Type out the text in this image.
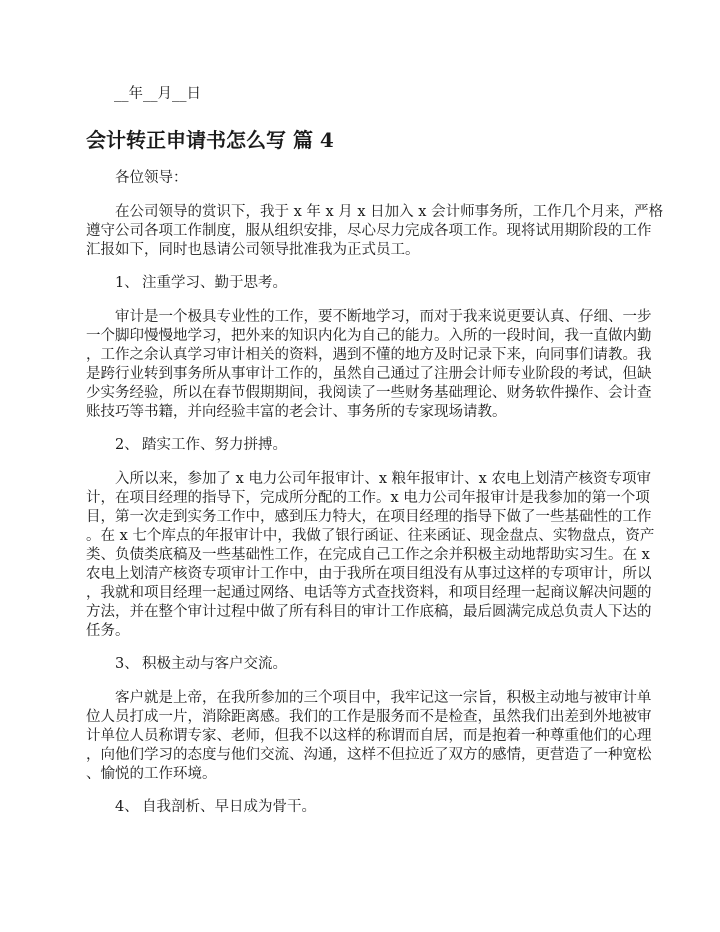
__年__月__日
会计转正申请书怎么写 篇 4
各位领导：
在公司领导的赏识下，我于 x 年 x 月 x 日加入 x 会计师事务所，工作几个月来，严格
遵守公司各项工作制度，服从组织安排，尽心尽力完成各项工作。现将试用期阶段的工作
汇报如下，同时也恳请公司领导批准我为正式员工。
1、 注重学习、勤于思考。
审计是一个极具专业性的工作，要不断地学习，而对于我来说更要认真、仔细、一步
一个脚印慢慢地学习，把外来的知识内化为自己的能力。入所的一段时间，我一直做内勤
，工作之余认真学习审计相关的资料，遇到不懂的地方及时记录下来，向同事们请教。我
是跨行业转到事务所从事审计工作的，虽然自己通过了注册会计师专业阶段的考试，但缺
少实务经验，所以在春节假期期间，我阅读了一些财务基础理论、财务软件操作、会计查
账技巧等书籍，并向经验丰富的老会计、事务所的专家现场请教。
2、 踏实工作、努力拼搏。
入所以来，参加了 x 电力公司年报审计、x 粮年报审计、x 农电上划清产核资专项审
计，在项目经理的指导下，完成所分配的工作。x 电力公司年报审计是我参加的第一个项
目，第一次走到实务工作中，感到压力特大，在项目经理的指导下做了一些基础性的工作
。在 x 七个库点的年报审计中，我做了银行函证、往来函证、现金盘点、实物盘点，资产
类、负债类底稿及一些基础性工作，在完成自己工作之余并积极主动地帮助实习生。在 x
农电上划清产核资专项审计工作中，由于我所在项目组没有从事过这样的专项审计，所以
，我就和项目经理一起通过网络、电话等方式查找资料，和项目经理一起商议解决问题的
方法，并在整个审计过程中做了所有科目的审计工作底稿，最后圆满完成总负责人下达的
任务。
3、 积极主动与客户交流。
客户就是上帝，在我所参加的三个项目中，我牢记这一宗旨，积极主动地与被审计单
位人员打成一片，消除距离感。我们的工作是服务而不是检查，虽然我们出差到外地被审
计单位人员称谓专家、老师，但我不以这样的称谓而自居，而是抱着一种尊重他们的心理
，向他们学习的态度与他们交流、沟通，这样不但拉近了双方的感情，更营造了一种宽松
、愉悦的工作环境。
4、 自我剖析、早日成为骨干。
